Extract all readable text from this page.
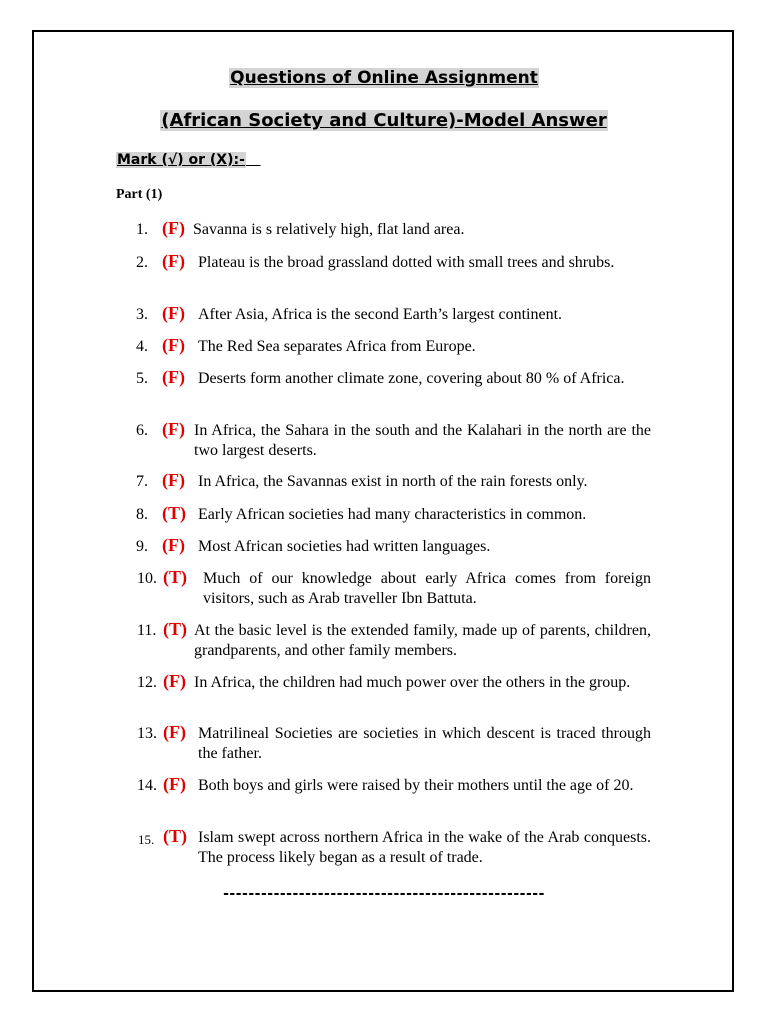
Questions of Online Assignment
(African Society and Culture)-Model Answer
Mark (√) or (X):-
Part (1)
1. (F) Savanna is s relatively high, flat land area.
2. (F) Plateau is the broad grassland dotted with small trees and shrubs.
3. (F) After Asia, Africa is the second Earth’s largest continent.
4. (F) The Red Sea separates Africa from Europe.
5. (F) Deserts form another climate zone, covering about 80 % of Africa.
6. (F) In Africa, the Sahara in the south and the Kalahari in the north are the two largest deserts.
7. (F) In Africa, the Savannas exist in north of the rain forests only.
8. (T) Early African societies had many characteristics in common.
9. (F) Most African societies had written languages.
10. (T)	Much of our knowledge about early Africa comes from foreign visitors, such as Arab traveller Ibn Battuta.
11. (T) At the basic level is the extended family, made up of parents, children, grandparents, and other family members.
12. (F) In Africa, the children had much power over the others in the group.
13. (F) Matrilineal Societies are societies in which descent is traced through the father.
14. (F) Both boys and girls were raised by their mothers until the age of 20.
15. (T) Islam swept across northern Africa in the wake of the Arab conquests. The process likely began as a result of trade.
---------------------------------------------------
